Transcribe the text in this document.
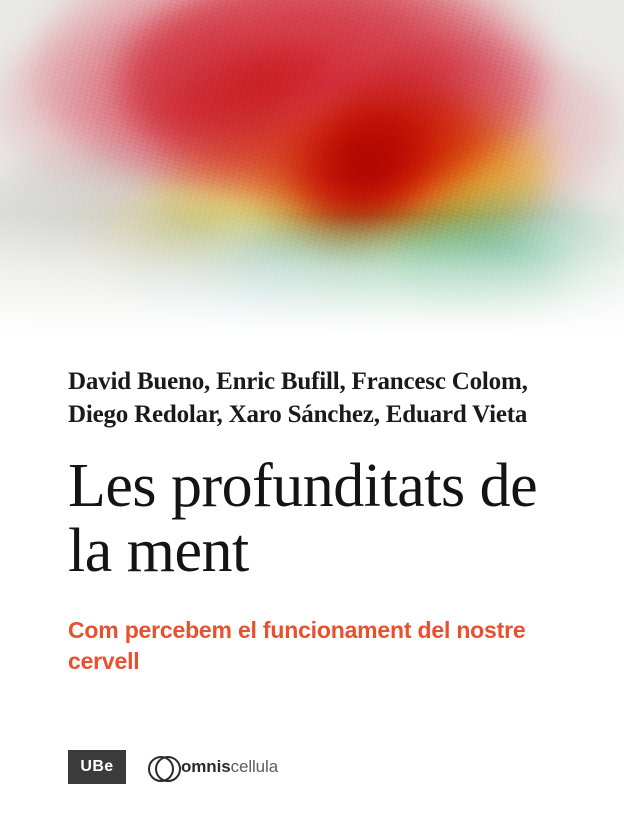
David Bueno, Enric Bufill, Francesc Colom, Diego Redolar, Xaro Sánchez, Eduard Vieta

Les profunditats de la ment

Com percebem el funcionament del nostre cervell

UBe	omniscellula
